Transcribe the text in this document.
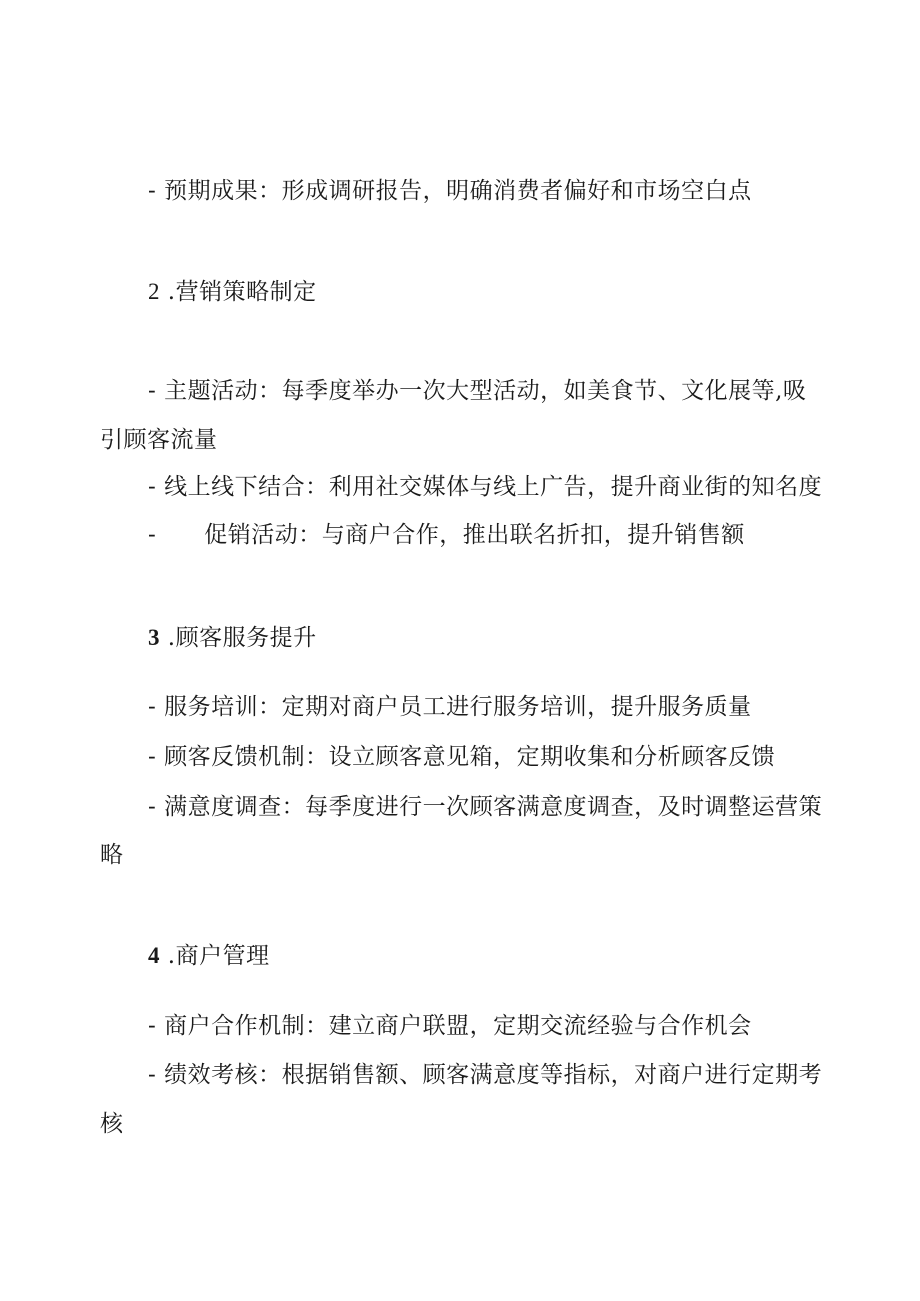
- 预期成果：形成调研报告，明确消费者偏好和市场空白点
2 .营销策略制定
- 主题活动：每季度举办一次大型活动，如美食节、文化展等,吸
引顾客流量
- 线上线下结合：利用社交媒体与线上广告，提升商业街的知名度
- 促销活动：与商户合作，推出联名折扣，提升销售额
3 .顾客服务提升
- 服务培训：定期对商户员工进行服务培训，提升服务质量
- 顾客反馈机制：设立顾客意见箱，定期收集和分析顾客反馈
- 满意度调查：每季度进行一次顾客满意度调查，及时调整运营策
略
4 .商户管理
- 商户合作机制：建立商户联盟，定期交流经验与合作机会
- 绩效考核：根据销售额、顾客满意度等指标，对商户进行定期考
核
